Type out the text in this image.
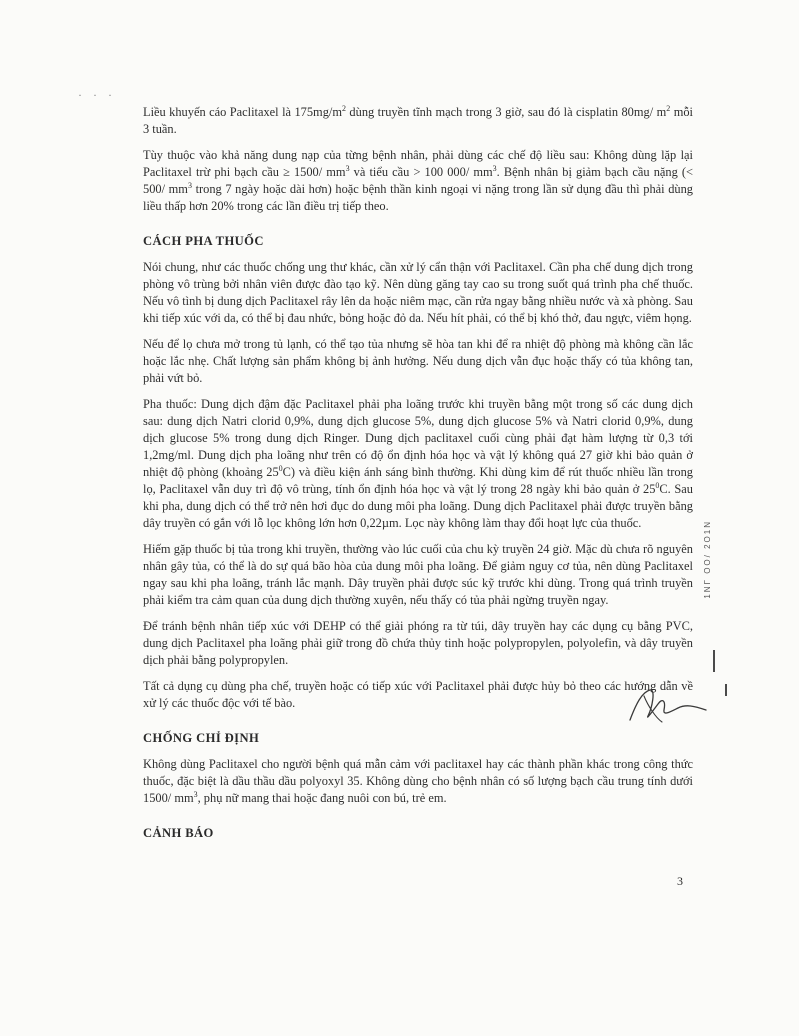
· · ·

Liều khuyến cáo Paclitaxel là $175mg/m^2$ dùng truyền tĩnh mạch trong 3 giờ, sau đó là cisplatin 80mg/ $m^2$ mỗi 3 tuần.

Tùy thuộc vào khả năng dung nạp của từng bệnh nhân, phải dùng các chế độ liều sau: Không dùng lặp lại Paclitaxel trừ phi bạch cầu ≥ 1500/ $mm^3$ và tiểu cầu > 100 000/ $mm^3$. Bệnh nhân bị giảm bạch cầu nặng (< 500/ $mm^3$ trong 7 ngày hoặc dài hơn) hoặc bệnh thần kinh ngoại vi nặng trong lần sử dụng đầu thì phải dùng liều thấp hơn 20% trong các lần điều trị tiếp theo.

CÁCH PHA THUỐC

Nói chung, như các thuốc chống ung thư khác, cần xử lý cẩn thận với Paclitaxel. Cần pha chế dung dịch trong phòng vô trùng bởi nhân viên được đào tạo kỹ. Nên dùng găng tay cao su trong suốt quá trình pha chế thuốc. Nếu vô tình bị dung dịch Paclitaxel rây lên da hoặc niêm mạc, cần rửa ngay bằng nhiều nước và xà phòng. Sau khi tiếp xúc với da, có thể bị đau nhức, bỏng hoặc đỏ da. Nếu hít phải, có thể bị khó thở, đau ngực, viêm họng.

Nếu để lọ chưa mở trong tủ lạnh, có thể tạo tủa nhưng sẽ hòa tan khi để ra nhiệt độ phòng mà không cần lắc hoặc lắc nhẹ. Chất lượng sản phẩm không bị ảnh hưởng. Nếu dung dịch vẫn đục hoặc thấy có tủa không tan, phải vứt bỏ.

Pha thuốc: Dung dịch đậm đặc Paclitaxel phải pha loãng trước khi truyền bằng một trong số các dung dịch sau: dung dịch Natri clorid 0,9%, dung dịch glucose 5%, dung dịch glucose 5% và Natri clorid 0,9%, dung dịch glucose 5% trong dung dịch Ringer. Dung dịch paclitaxel cuối cùng phải đạt hàm lượng từ 0,3 tới 1,2mg/ml. Dung dịch pha loãng như trên có độ ổn định hóa học và vật lý không quá 27 giờ khi bảo quản ở nhiệt độ phòng (khoảng $25^0C$) và điều kiện ánh sáng bình thường. Khi dùng kim để rút thuốc nhiều lần trong lọ, Paclitaxel vẫn duy trì độ vô trùng, tính ổn định hóa học và vật lý trong 28 ngày khi bảo quản ở $25^0C$. Sau khi pha, dung dịch có thể trở nên hơi đục do dung môi pha loãng. Dung dịch Paclitaxel phải được truyền bằng dây truyền có gắn với lỗ lọc không lớn hơn 0,22µm. Lọc này không làm thay đổi hoạt lực của thuốc.

Hiếm gặp thuốc bị tủa trong khi truyền, thường vào lúc cuối của chu kỳ truyền 24 giờ. Mặc dù chưa rõ nguyên nhân gây tủa, có thể là do sự quá bão hòa của dung môi pha loãng. Để giảm nguy cơ tủa, nên dùng Paclitaxel ngay sau khi pha loãng, tránh lắc mạnh. Dây truyền phải được súc kỹ trước khi dùng. Trong quá trình truyền phải kiểm tra cảm quan của dung dịch thường xuyên, nếu thấy có tủa phải ngừng truyền ngay.

Để tránh bệnh nhân tiếp xúc với DEHP có thể giải phóng ra từ túi, dây truyền hay các dụng cụ bằng PVC, dung dịch Paclitaxel pha loãng phải giữ trong đồ chứa thủy tinh hoặc polypropylen, polyolefin, và dây truyền dịch phải bằng polypropylen.

Tất cả dụng cụ dùng pha chế, truyền hoặc có tiếp xúc với Paclitaxel phải được hủy bỏ theo các hướng dẫn về xử lý các thuốc độc với tế bào.

CHỐNG CHỈ ĐỊNH

Không dùng Paclitaxel cho người bệnh quá mẫn cảm với paclitaxel hay các thành phần khác trong công thức thuốc, đặc biệt là dầu thầu dầu polyoxyl 35. Không dùng cho bệnh nhân có số lượng bạch cầu trung tính dưới 1500/ $mm^3$, phụ nữ mang thai hoặc đang nuôi con bú, trẻ em.

CẢNH BÁO
1ΝΓ ΟΟ/ 2Ο1Ν
3
